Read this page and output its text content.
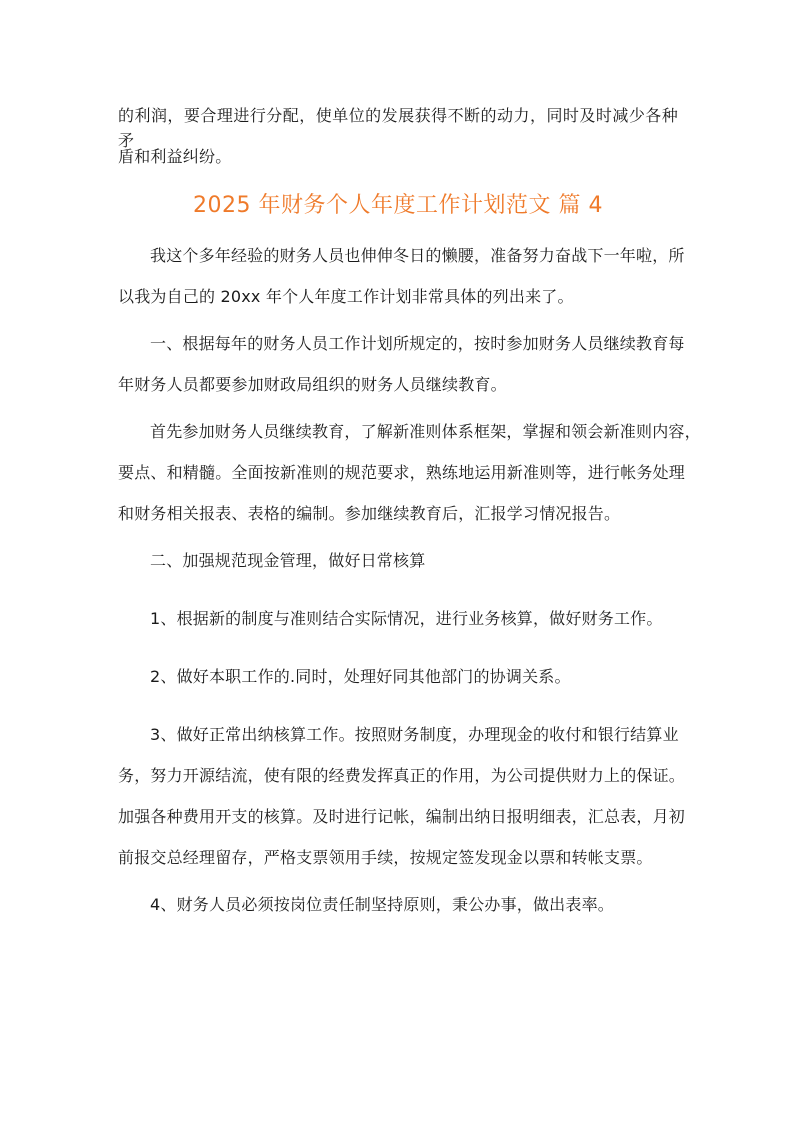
的利润，要合理进行分配，使单位的发展获得不断的动力，同时及时减少各种矛
盾和利益纠纷。

2025 年财务个人年度工作计划范文 篇 4

我这个多年经验的财务人员也伸伸冬日的懒腰，准备努力奋战下一年啦，所
以我为自己的 20xx 年个人年度工作计划非常具体的列出来了。

一、根据每年的财务人员工作计划所规定的，按时参加财务人员继续教育每
年财务人员都要参加财政局组织的财务人员继续教育。

首先参加财务人员继续教育，了解新准则体系框架，掌握和领会新准则内容，
要点、和精髓。全面按新准则的规范要求，熟练地运用新准则等，进行帐务处理
和财务相关报表、表格的编制。参加继续教育后，汇报学习情况报告。

二、加强规范现金管理，做好日常核算

1、根据新的制度与准则结合实际情况，进行业务核算，做好财务工作。

2、做好本职工作的.同时，处理好同其他部门的协调关系。

3、做好正常出纳核算工作。按照财务制度，办理现金的收付和银行结算业
务，努力开源结流，使有限的经费发挥真正的作用，为公司提供财力上的保证。
加强各种费用开支的核算。及时进行记帐，编制出纳日报明细表，汇总表，月初
前报交总经理留存，严格支票领用手续，按规定签发现金以票和转帐支票。

4、财务人员必须按岗位责任制坚持原则，秉公办事，做出表率。
